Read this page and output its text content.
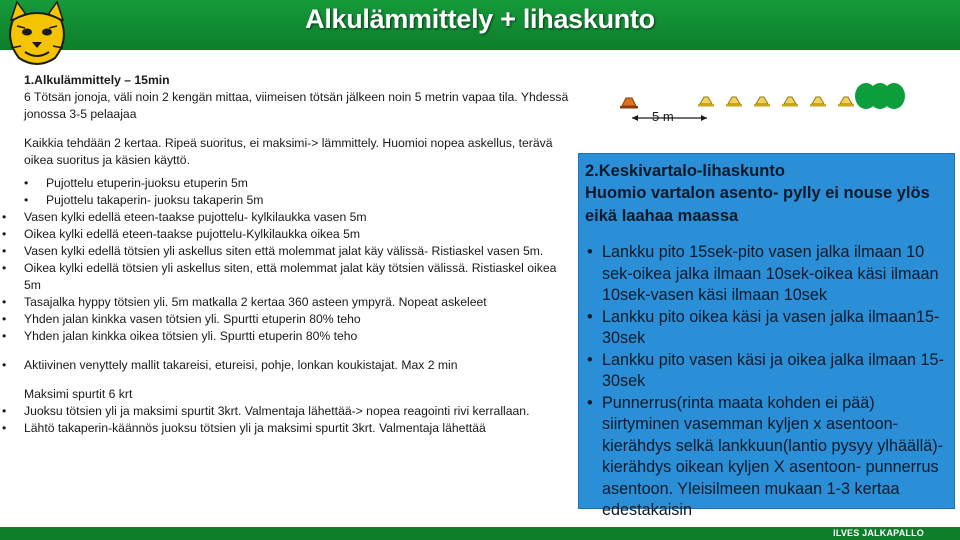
Alkulämmittely + lihaskunto

1.Alkulämmittely – 15min

6 Tötsän jonoja, väli noin 2 kengän mittaa, viimeisen tötsän jälkeen noin 5 metrin vapaa tila. Yhdessä jonossa 3-5 pelaajaa

Kaikkia tehdään 2 kertaa. Ripeä suoritus, ei maksimi-> lämmittely. Huomioi nopea askellus, terävä oikea suoritus ja käsien käyttö.

• Pujottelu etuperin-juoksu etuperin 5m
• Pujottelu takaperin- juoksu takaperin 5m
• Vasen kylki edellä eteen-taakse pujottelu- kylkilaukka vasen 5m
• Oikea kylki edellä eteen-taakse pujottelu-Kylkilaukka oikea 5m
• Vasen kylki edellä tötsien yli askellus siten että molemmat jalat käy välissä- Ristiaskel vasen 5m.
• Oikea kylki edellä tötsien yli askellus siten, että molemmat jalat käy tötsien välissä. Ristiaskel oikea 5m
• Tasajalka hyppy tötsien yli. 5m matkalla 2 kertaa 360 asteen ympyrä. Nopeat askeleet
• Yhden jalan kinkka vasen tötsien yli. Spurtti etuperin 80% teho
• Yhden jalan kinkka oikea tötsien yli. Spurtti etuperin 80% teho
• Aktiivinen venyttely mallit takareisi, etureisi, pohje, lonkan koukistajat. Max 2 min

Maksimi spurtit 6 krt

• Juoksu tötsien yli ja maksimi spurtit 3krt. Valmentaja lähettää-> nopea reagointi rivi kerrallaan.
• Lähtö takaperin-käännös juoksu tötsien yli ja maksimi spurtit 3krt. Valmentaja lähettää
5 m
2.Keskivartalo-lihaskunto
Huomio vartalon asento- pylly ei nouse ylös eikä laahaa maassa
• Lankku pito 15sek-pito vasen jalka ilmaan 10 sek-oikea jalka ilmaan 10sek-oikea käsi ilmaan 10sek-vasen käsi ilmaan 10sek
• Lankku pito oikea käsi ja vasen jalka ilmaan15-30sek
• Lankku pito vasen käsi ja oikea jalka ilmaan 15-30sek
• Punnerrus(rinta maata kohden ei pää) siirtyminen vasemman kyljen x asentoon- kierähdys selkä lankkuun(lantio pysyy ylhäällä)- kierähdys oikean kyljen X asentoon- punnerrus asentoon. Yleisilmeen mukaan 1-3 kertaa edestakaisin
ILVES JALKAPALLO
